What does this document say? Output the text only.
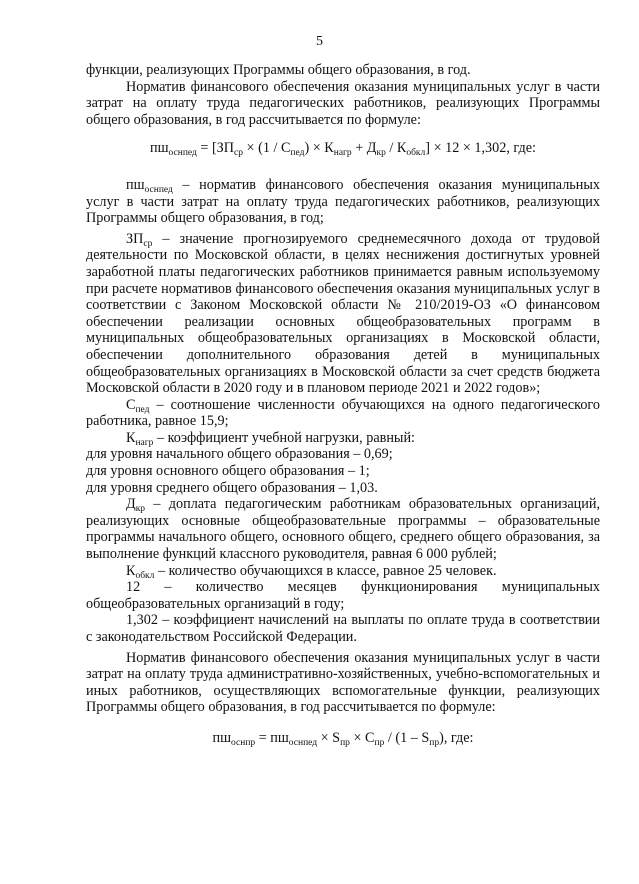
5

функции, реализующих Программы общего образования, в год.

Норматив финансового обеспечения оказания муниципальных услуг в части затрат на оплату труда педагогических работников, реализующих Программы общего образования, в год рассчитывается по формуле:

$пш_{оснпед} = [ЗП_{ср} \times (1 / С_{пед}) \times К_{нагр} + Д_{кр} / К_{обкл}] \times 12 \times 1,302$, где:

$пш_{оснпед}$ – норматив финансового обеспечения оказания муниципальных услуг в части затрат на оплату труда педагогических работников, реализующих Программы общего образования, в год;

$ЗП_{ср}$ – значение прогнозируемого среднемесячного дохода от трудовой деятельности по Московской области, в целях неснижения достигнутых уровней заработной платы педагогических работников принимается равным используемому при расчете нормативов финансового обеспечения оказания муниципальных услуг в соответствии с Законом Московской области № 210/2019-ОЗ «О финансовом обеспечении реализации основных общеобразовательных программ в муниципальных общеобразовательных организациях в Московской области, обеспечении дополнительного образования детей в муниципальных общеобразовательных организациях в Московской области за счет средств бюджета Московской области в 2020 году и в плановом периоде 2021 и 2022 годов»;

$С_{пед}$ – соотношение численности обучающихся на одного педагогического работника, равное 15,9;

$К_{нагр}$ – коэффициент учебной нагрузки, равный:

для уровня начального общего образования – 0,69;

для уровня основного общего образования – 1;

для уровня среднего общего образования – 1,03.

$Д_{кр}$ – доплата педагогическим работникам образовательных организаций, реализующих основные общеобразовательные программы – образовательные программы начального общего, основного общего, среднего общего образования, за выполнение функций классного руководителя, равная 6 000 рублей;

$К_{обкл}$ – количество обучающихся в классе, равное 25 человек.

12 – количество месяцев функционирования муниципальных общеобразовательных организаций в году;

1,302 – коэффициент начислений на выплаты по оплате труда в соответствии с законодательством Российской Федерации.

Норматив финансового обеспечения оказания муниципальных услуг в части затрат на оплату труда административно-хозяйственных, учебно-вспомогательных и иных работников, осуществляющих вспомогательные функции, реализующих Программы общего образования, в год рассчитывается по формуле:

$пш_{оснпр} = пш_{оснпед} \times S_{пр} \times С_{пр} / (1 - S_{пр})$, где:
